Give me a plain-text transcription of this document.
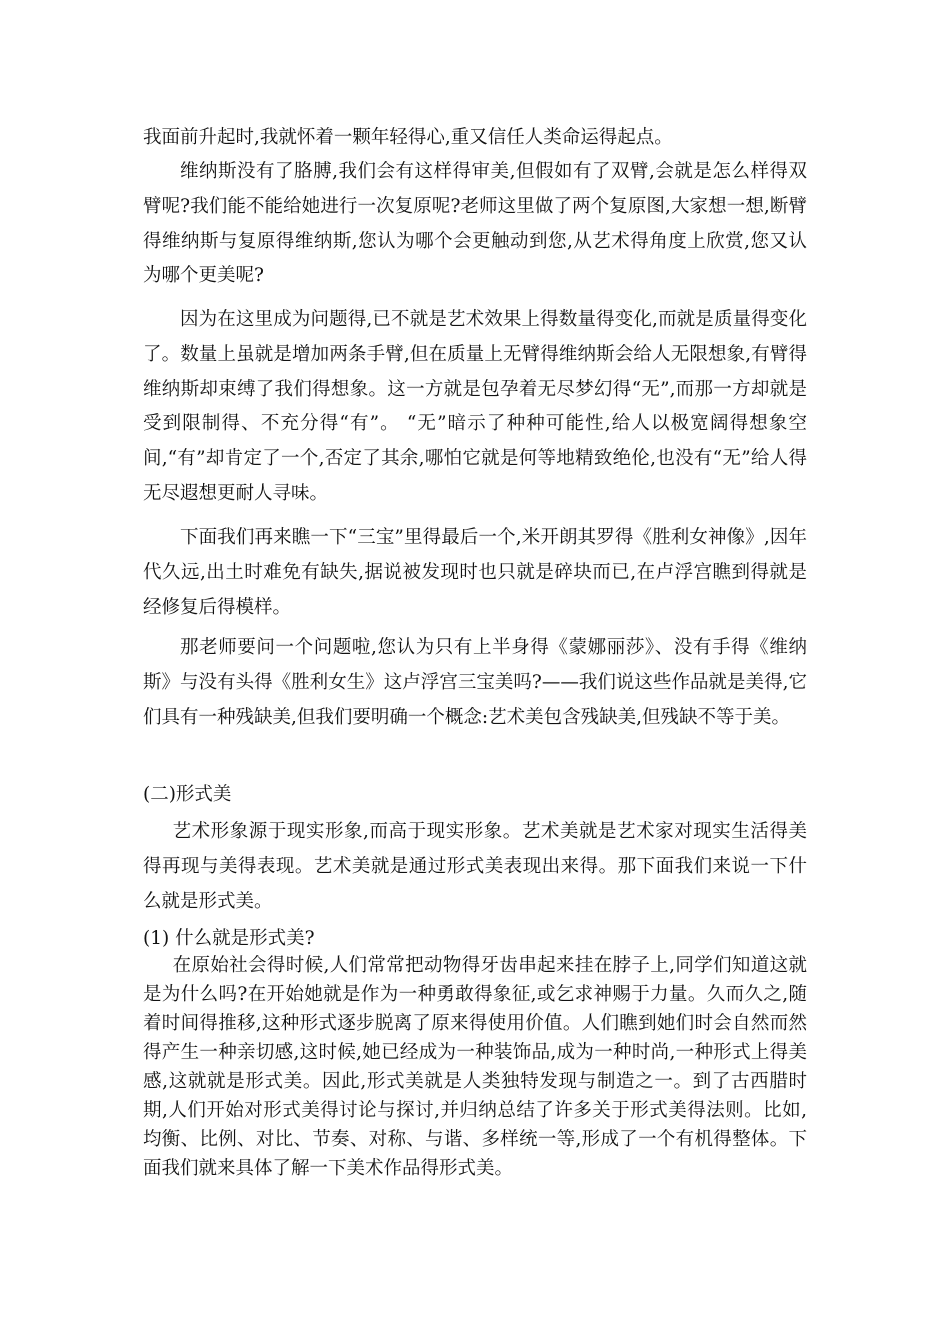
我面前升起时,我就怀着一颗年轻得心,重又信任人类命运得起点。

维纳斯没有了胳膊,我们会有这样得审美,但假如有了双臂,会就是怎么样得双臂呢?我们能不能给她进行一次复原呢?老师这里做了两个复原图,大家想一想,断臂得维纳斯与复原得维纳斯,您认为哪个会更触动到您,从艺术得角度上欣赏,您又认为哪个更美呢?

因为在这里成为问题得,已不就是艺术效果上得数量得变化,而就是质量得变化了。数量上虽就是增加两条手臂,但在质量上无臂得维纳斯会给人无限想象,有臂得维纳斯却束缚了我们得想象。这一方就是包孕着无尽梦幻得“无”,而那一方却就是受到限制得、不充分得“有”。 “无”暗示了种种可能性,给人以极宽阔得想象空间,“有”却肯定了一个,否定了其余,哪怕它就是何等地精致绝伦,也没有“无”给人得无尽遐想更耐人寻味。

下面我们再来瞧一下“三宝”里得最后一个,米开朗其罗得《胜利女神像》,因年代久远,出土时难免有缺失,据说被发现时也只就是碎块而已,在卢浮宫瞧到得就是经修复后得模样。

那老师要问一个问题啦,您认为只有上半身得《蒙娜丽莎》、没有手得《维纳斯》与没有头得《胜利女生》这卢浮宫三宝美吗?——我们说这些作品就是美得,它们具有一种残缺美,但我们要明确一个概念:艺术美包含残缺美,但残缺不等于美。

(二)形式美

艺术形象源于现实形象,而高于现实形象。艺术美就是艺术家对现实生活得美得再现与美得表现。艺术美就是通过形式美表现出来得。那下面我们来说一下什么就是形式美。

(1) 什么就是形式美?

在原始社会得时候,人们常常把动物得牙齿串起来挂在脖子上,同学们知道这就是为什么吗?在开始她就是作为一种勇敢得象征,或乞求神赐于力量。久而久之,随着时间得推移,这种形式逐步脱离了原来得使用价值。人们瞧到她们时会自然而然得产生一种亲切感,这时候,她已经成为一种装饰品,成为一种时尚,一种形式上得美感,这就就是形式美。因此,形式美就是人类独特发现与制造之一。到了古西腊时期,人们开始对形式美得讨论与探讨,并归纳总结了许多关于形式美得法则。比如,均衡、比例、对比、节奏、对称、与谐、多样统一等,形成了一个有机得整体。下面我们就来具体了解一下美术作品得形式美。
